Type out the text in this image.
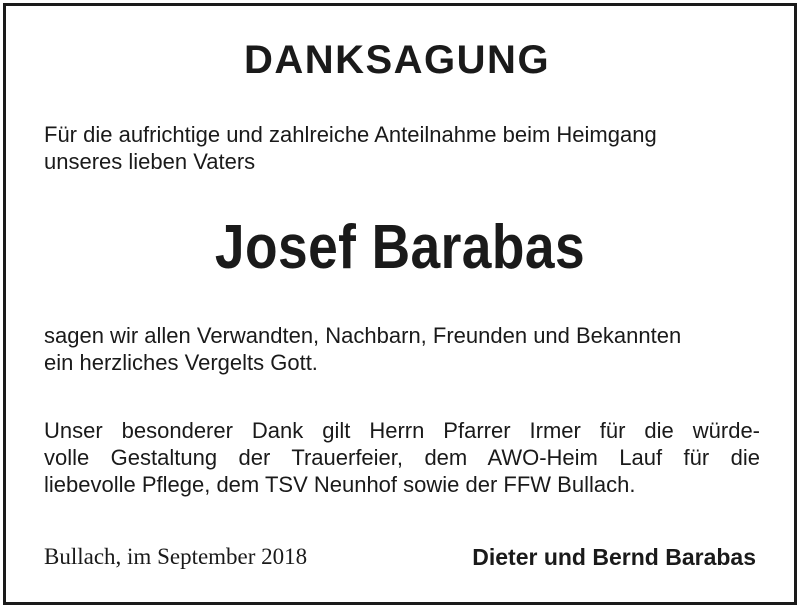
DANKSAGUNG
Für die aufrichtige und zahlreiche Anteilnahme beim Heimgang
unseres lieben Vaters
Josef Barabas
sagen wir allen Verwandten, Nachbarn, Freunden und Bekannten
ein herzliches Vergelts Gott.
Unser besonderer Dank gilt Herrn Pfarrer Irmer für die würde-
volle Gestaltung der Trauerfeier, dem AWO-Heim Lauf für die
liebevolle Pflege, dem TSV Neunhof sowie der FFW Bullach.
Bullach, im September 2018	Dieter und Bernd Barabas
